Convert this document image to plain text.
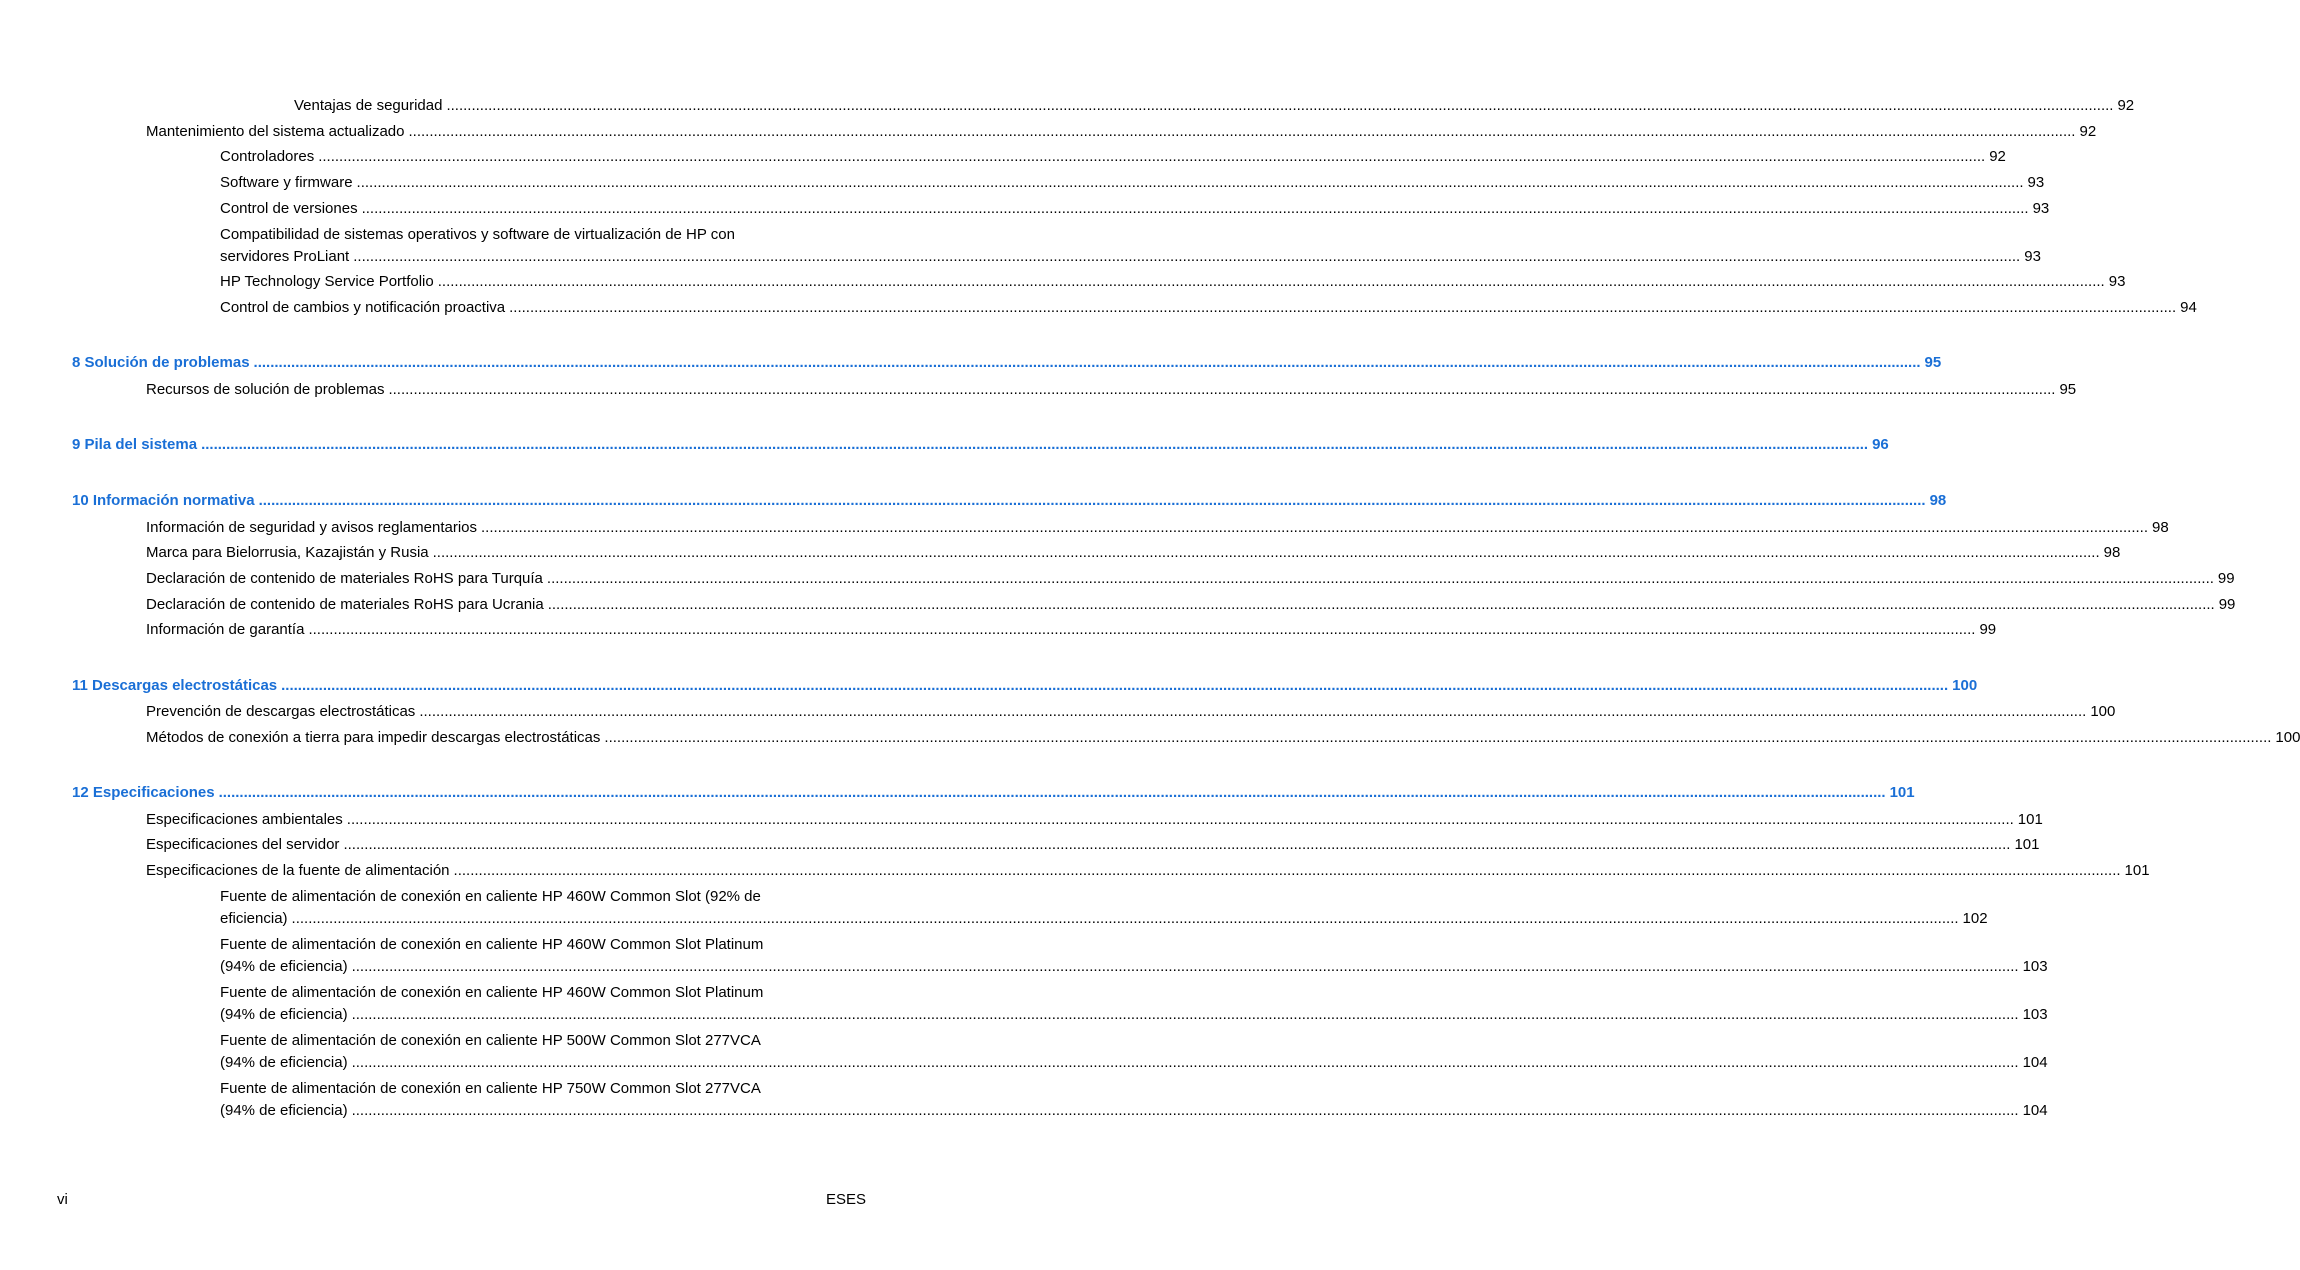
Ventajas de seguridad ................................................................................................................................................................................................................................................................................................................................................................................................................ 92
Mantenimiento del sistema actualizado ................................................................................................................................................................................................................................................................................................................................................................................................................ 92
Controladores ................................................................................................................................................................................................................................................................................................................................................................................................................ 92
Software y firmware ................................................................................................................................................................................................................................................................................................................................................................................................................ 93
Control de versiones ................................................................................................................................................................................................................................................................................................................................................................................................................ 93
Compatibilidad de sistemas operativos y software de virtualización de HP con
servidores ProLiant ................................................................................................................................................................................................................................................................................................................................................................................................................ 93
HP Technology Service Portfolio ................................................................................................................................................................................................................................................................................................................................................................................................................ 93
Control de cambios y notificación proactiva ................................................................................................................................................................................................................................................................................................................................................................................................................ 94
8 Solución de problemas ................................................................................................................................................................................................................................................................................................................................................................................................................ 95
Recursos de solución de problemas ................................................................................................................................................................................................................................................................................................................................................................................................................ 95
9 Pila del sistema ................................................................................................................................................................................................................................................................................................................................................................................................................ 96
10 Información normativa ................................................................................................................................................................................................................................................................................................................................................................................................................ 98
Información de seguridad y avisos reglamentarios ................................................................................................................................................................................................................................................................................................................................................................................................................ 98
Marca para Bielorrusia, Kazajistán y Rusia ................................................................................................................................................................................................................................................................................................................................................................................................................ 98
Declaración de contenido de materiales RoHS para Turquía ................................................................................................................................................................................................................................................................................................................................................................................................................ 99
Declaración de contenido de materiales RoHS para Ucrania ................................................................................................................................................................................................................................................................................................................................................................................................................ 99
Información de garantía ................................................................................................................................................................................................................................................................................................................................................................................................................ 99
11 Descargas electrostáticas ................................................................................................................................................................................................................................................................................................................................................................................................................ 100
Prevención de descargas electrostáticas ................................................................................................................................................................................................................................................................................................................................................................................................................ 100
Métodos de conexión a tierra para impedir descargas electrostáticas ................................................................................................................................................................................................................................................................................................................................................................................................................ 100
12 Especificaciones ................................................................................................................................................................................................................................................................................................................................................................................................................ 101
Especificaciones ambientales ................................................................................................................................................................................................................................................................................................................................................................................................................ 101
Especificaciones del servidor ................................................................................................................................................................................................................................................................................................................................................................................................................ 101
Especificaciones de la fuente de alimentación ................................................................................................................................................................................................................................................................................................................................................................................................................ 101
Fuente de alimentación de conexión en caliente HP 460W Common Slot (92% de
eficiencia) ................................................................................................................................................................................................................................................................................................................................................................................................................ 102
Fuente de alimentación de conexión en caliente HP 460W Common Slot Platinum
(94% de eficiencia) ................................................................................................................................................................................................................................................................................................................................................................................................................ 103
Fuente de alimentación de conexión en caliente HP 460W Common Slot Platinum
(94% de eficiencia) ................................................................................................................................................................................................................................................................................................................................................................................................................ 103
Fuente de alimentación de conexión en caliente HP 500W Common Slot 277VCA
(94% de eficiencia) ................................................................................................................................................................................................................................................................................................................................................................................................................ 104
Fuente de alimentación de conexión en caliente HP 750W Common Slot 277VCA
(94% de eficiencia) ................................................................................................................................................................................................................................................................................................................................................................................................................ 104
vi	ESES
